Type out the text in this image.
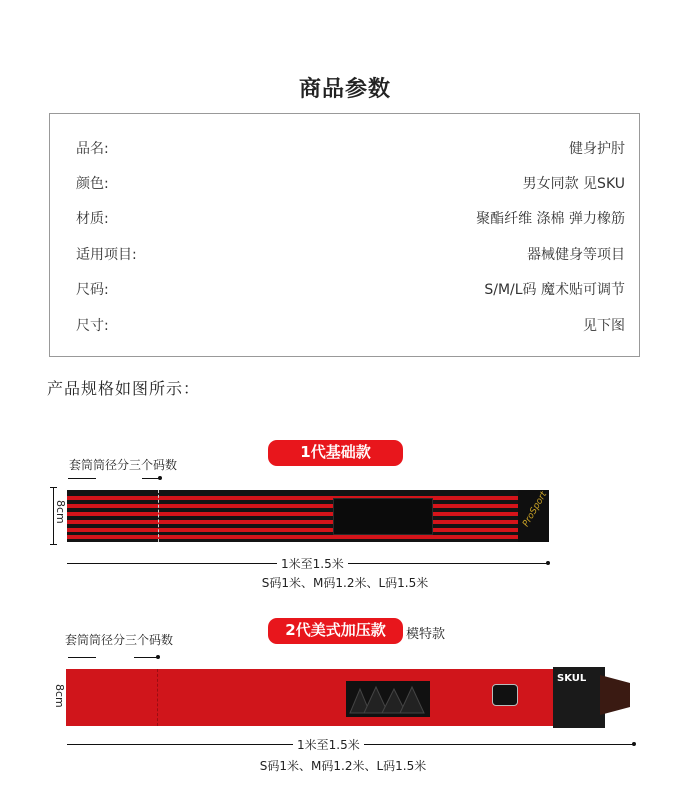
商品参数
品名:	健身护肘
颜色:	男女同款 见SKU
材质:	聚酯纤维 涤棉 弹力橡筋
适用项目:	器械健身等项目
尺码:	S/M/L码 魔术贴可调节
尺寸:	见下图
产品规格如图所示：
1代基础款
套筒筒径分三个码数
8cm	ProSport
1米至1.5米
S码1米、M码1.2米、L码1.5米
2代美式加压款	模特款
套筒筒径分三个码数
8cm
SKUL
1米至1.5米
S码1米、M码1.2米、L码1.5米
